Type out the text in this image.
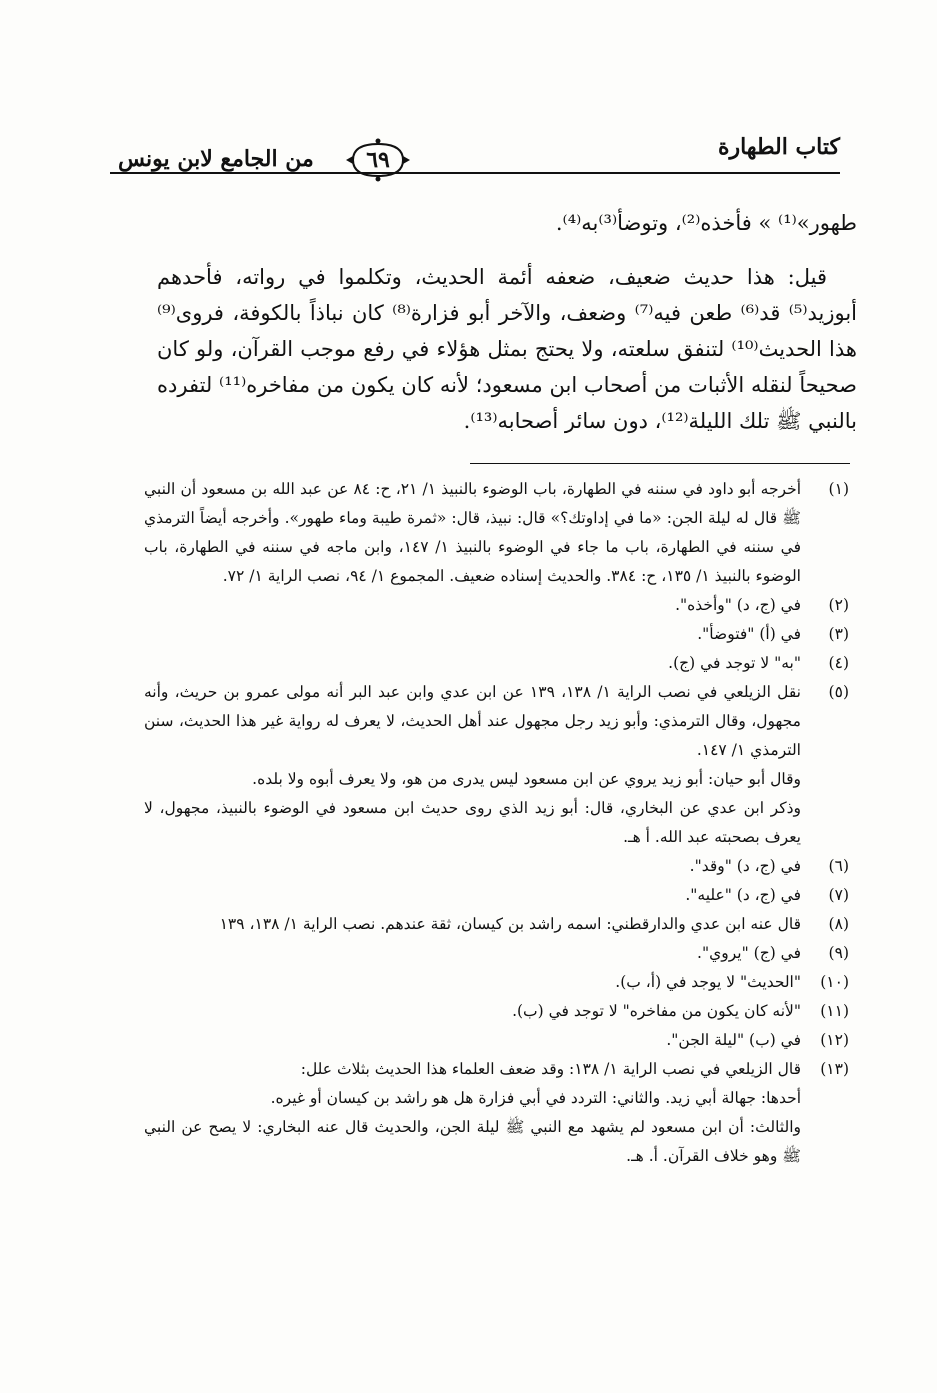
كتاب الطهارة
٦٩
من الجامع لابن يونس

طهور»⁽¹⁾ » فأخذه⁽²⁾، وتوضأ⁽³⁾به⁽⁴⁾.

قيل: هذا حديث ضعيف، ضعفه أئمة الحديث، وتكلموا في رواته، فأحدهم أبوزيد⁽⁵⁾ قد⁽⁶⁾ طعن فيه⁽⁷⁾ وضعف، والآخر أبو فزارة⁽⁸⁾ كان نباذاً بالكوفة، فروى⁽⁹⁾ هذا الحديث⁽¹⁰⁾ لتنفق سلعته، ولا يحتج بمثل هؤلاء في رفع موجب القرآن، ولو كان صحيحاً لنقله الأثبات من أصحاب ابن مسعود؛ لأنه كان يكون من مفاخره⁽¹¹⁾ لتفرده بالنبي ﷺ تلك الليلة⁽¹²⁾، دون سائر أصحابه⁽¹³⁾.

(١)
أخرجه أبو داود في سننه في الطهارة، باب الوضوء بالنبيذ ١/ ٢١، ح: ٨٤ عن عبد الله بن مسعود أن النبي ﷺ قال له ليلة الجن: «ما في إداوتك؟» قال: نبيذ، قال: «ثمرة طيبة وماء طهور». وأخرجه أيضاً الترمذي في سننه في الطهارة، باب ما جاء في الوضوء بالنبيذ ١/ ١٤٧، وابن ماجه في سننه في الطهارة، باب الوضوء بالنبيذ ١/ ١٣٥، ح: ٣٨٤. والحديث إسناده ضعيف. المجموع ١/ ٩٤، نصب الراية ١/ ٧٢.
(٢)
في (ج، د) "وأخذه".
(٣)
في (أ) "فتوضأ".
(٤)
"به" لا توجد في (ج).
(٥)
نقل الزيلعي في نصب الراية ١/ ١٣٨، ١٣٩ عن ابن عدي وابن عبد البر أنه مولى عمرو بن حريث، وأنه مجهول، وقال الترمذي: وأبو زيد رجل مجهول عند أهل الحديث، لا يعرف له رواية غير هذا الحديث، سنن الترمذي ١/ ١٤٧.
وقال أبو حيان: أبو زيد يروي عن ابن مسعود ليس يدرى من هو، ولا يعرف أبوه ولا بلده.
وذكر ابن عدي عن البخاري، قال: أبو زيد الذي روى حديث ابن مسعود في الوضوء بالنبيذ، مجهول، لا يعرف بصحبته عبد الله. أ هـ.
(٦)
في (ج، د) "وقد".
(٧)
في (ج، د) "عليه".
(٨)
قال عنه ابن عدي والدارقطني: اسمه راشد بن كيسان، ثقة عندهم. نصب الراية ١/ ١٣٨، ١٣٩
(٩)
في (ج) "يروي".
(١٠)
"الحديث" لا يوجد في (أ، ب).
(١١)
"لأنه كان يكون من مفاخره" لا توجد في (ب).
(١٢)
في (ب) "ليلة الجن".
(١٣)
قال الزيلعي في نصب الراية ١/ ١٣٨: وقد ضعف العلماء هذا الحديث بثلاث علل:
أحدها: جهالة أبي زيد. والثاني: التردد في أبي فزارة هل هو راشد بن كيسان أو غيره.
والثالث: أن ابن مسعود لم يشهد مع النبي ﷺ ليلة الجن، والحديث قال عنه البخاري: لا يصح عن النبي ﷺ وهو خلاف القرآن. أ. هـ.
